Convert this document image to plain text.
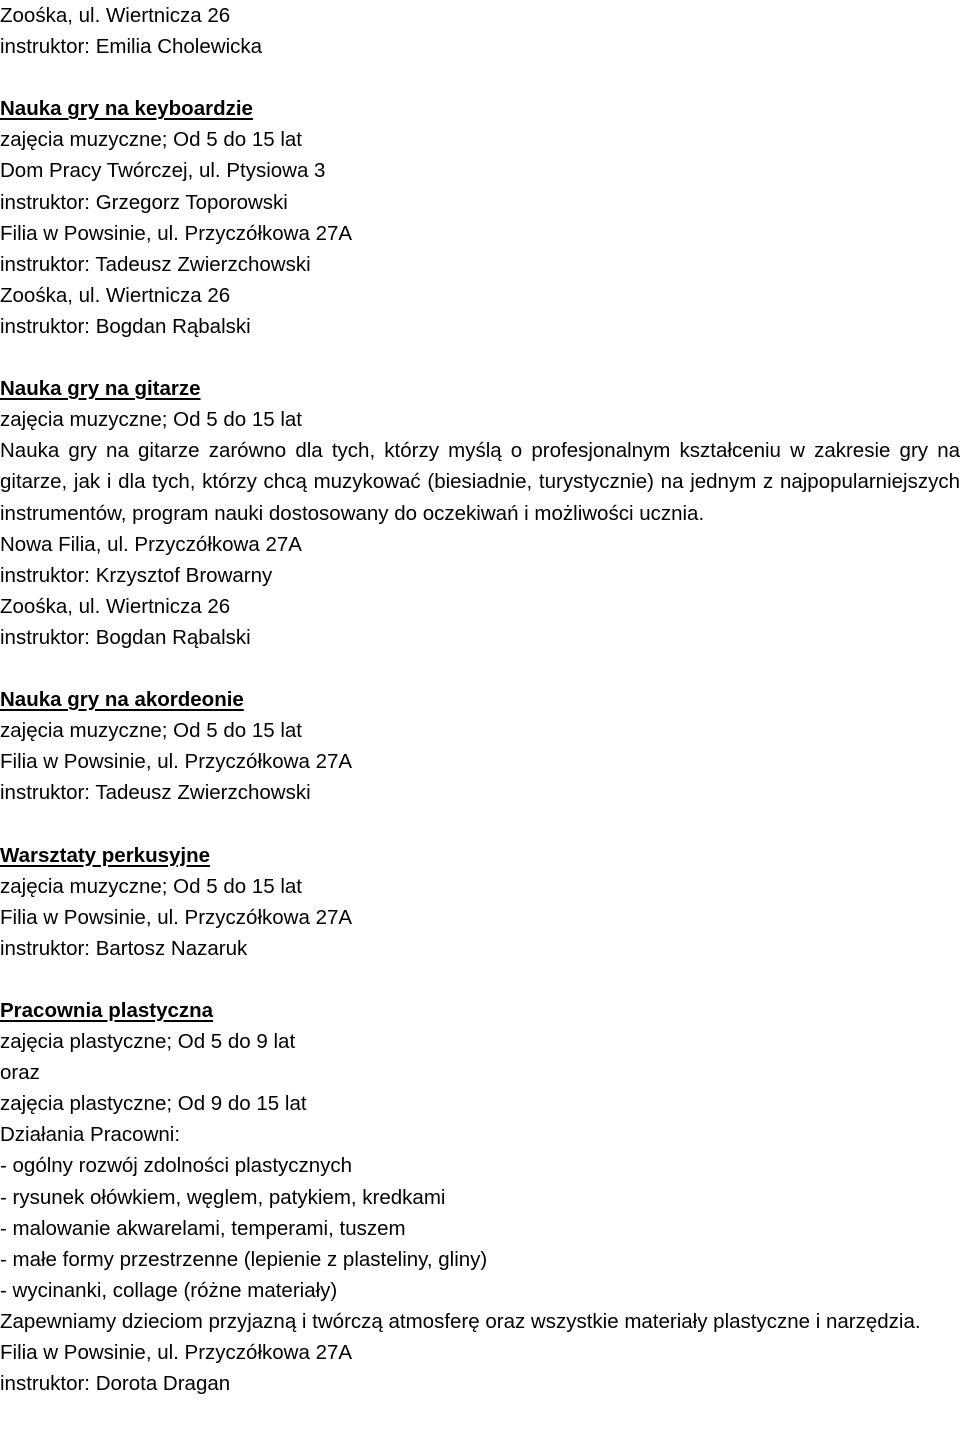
Zoośka, ul. Wiertnicza 26
instruktor: Emilia Cholewicka
Nauka gry na keyboardzie
zajęcia muzyczne; Od 5 do 15 lat
Dom Pracy Twórczej, ul. Ptysiowa 3
instruktor: Grzegorz Toporowski
Filia w Powsinie, ul. Przyczółkowa 27A
instruktor: Tadeusz Zwierzchowski
Zoośka, ul. Wiertnicza 26
instruktor: Bogdan Rąbalski
Nauka gry na gitarze
zajęcia muzyczne; Od 5 do 15 lat
Nauka gry na gitarze zarówno dla tych, którzy myślą o profesjonalnym kształceniu w zakresie gry na gitarze, jak i dla tych, którzy chcą muzykować (biesiadnie, turystycznie) na jednym z najpopularniejszych instrumentów, program nauki dostosowany do oczekiwań i możliwości ucznia.
Nowa Filia, ul. Przyczółkowa 27A
instruktor: Krzysztof Browarny
Zoośka, ul. Wiertnicza 26
instruktor: Bogdan Rąbalski
Nauka gry na akordeonie
zajęcia muzyczne; Od 5 do 15 lat
Filia w Powsinie, ul. Przyczółkowa 27A
instruktor: Tadeusz Zwierzchowski
Warsztaty perkusyjne
zajęcia muzyczne; Od 5 do 15 lat
Filia w Powsinie, ul. Przyczółkowa 27A
instruktor: Bartosz Nazaruk
Pracownia plastyczna
zajęcia plastyczne; Od 5 do 9 lat
oraz
zajęcia plastyczne; Od 9 do 15 lat
Działania Pracowni:
- ogólny rozwój zdolności plastycznych
- rysunek ołówkiem, węglem, patykiem, kredkami
- malowanie akwarelami, temperami, tuszem
- małe formy przestrzenne (lepienie z plasteliny, gliny)
- wycinanki, collage (różne materiały)
Zapewniamy dzieciom przyjazną i twórczą atmosferę oraz wszystkie materiały plastyczne i narzędzia.
Filia w Powsinie, ul. Przyczółkowa 27A
instruktor: Dorota Dragan
